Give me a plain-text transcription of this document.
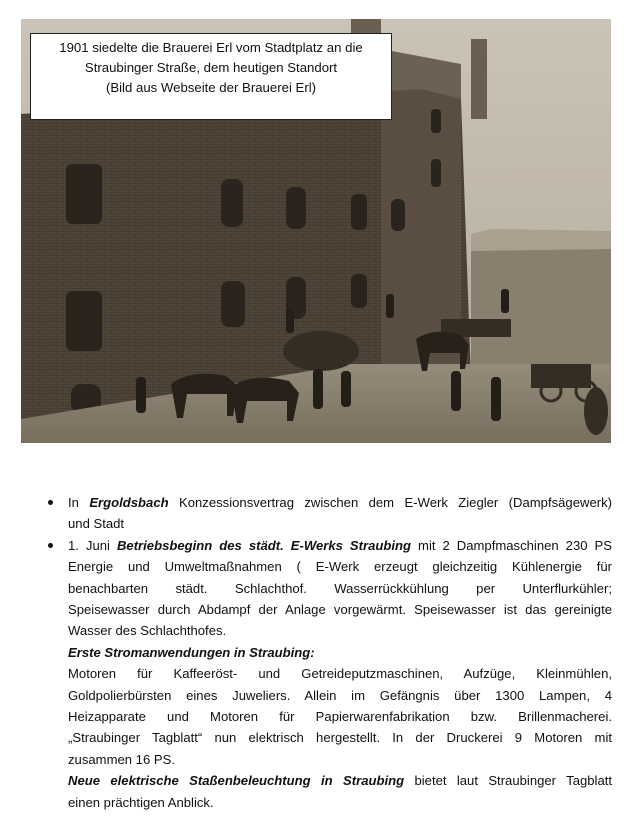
1901 siedelte die Brauerei Erl vom Stadtplatz an die
Straubinger Straße, dem heutigen Standort
(Bild aus Webseite der Brauerei Erl)
In Ergoldsbach Konzessionsvertrag zwischen dem E-Werk Ziegler (Dampfsägewerk)
und Stadt
1. Juni Betriebsbeginn des städt. E-Werks Straubing mit 2 Dampfmaschinen 230 PS
Energie und Umweltmaßnahmen ( E-Werk erzeugt gleichzeitig Kühlenergie für
benachbarten städt. Schlachthof. Wasserrückkühlung per Unterflurkühler;
Speisewasser durch Abdampf der Anlage vorgewärmt. Speisewasser ist das gereinigte
Wasser des Schlachthofes.
Erste Stromanwendungen in Straubing:
Motoren für Kaffeeröst- und Getreideputzmaschinen, Aufzüge, Kleinmühlen,
Goldpolierbürsten eines Juweliers. Allein im Gefängnis über 1300 Lampen, 4
Heizapparate und Motoren für Papierwarenfabrikation bzw. Brillenmacherei.
„Straubinger Tagblatt“ nun elektrisch hergestellt. In der Druckerei 9 Motoren mit
zusammen 16 PS.
Neue elektrische Staßenbeleuchtung in Straubing bietet laut Straubinger Tagblatt
einen prächtigen Anblick.
